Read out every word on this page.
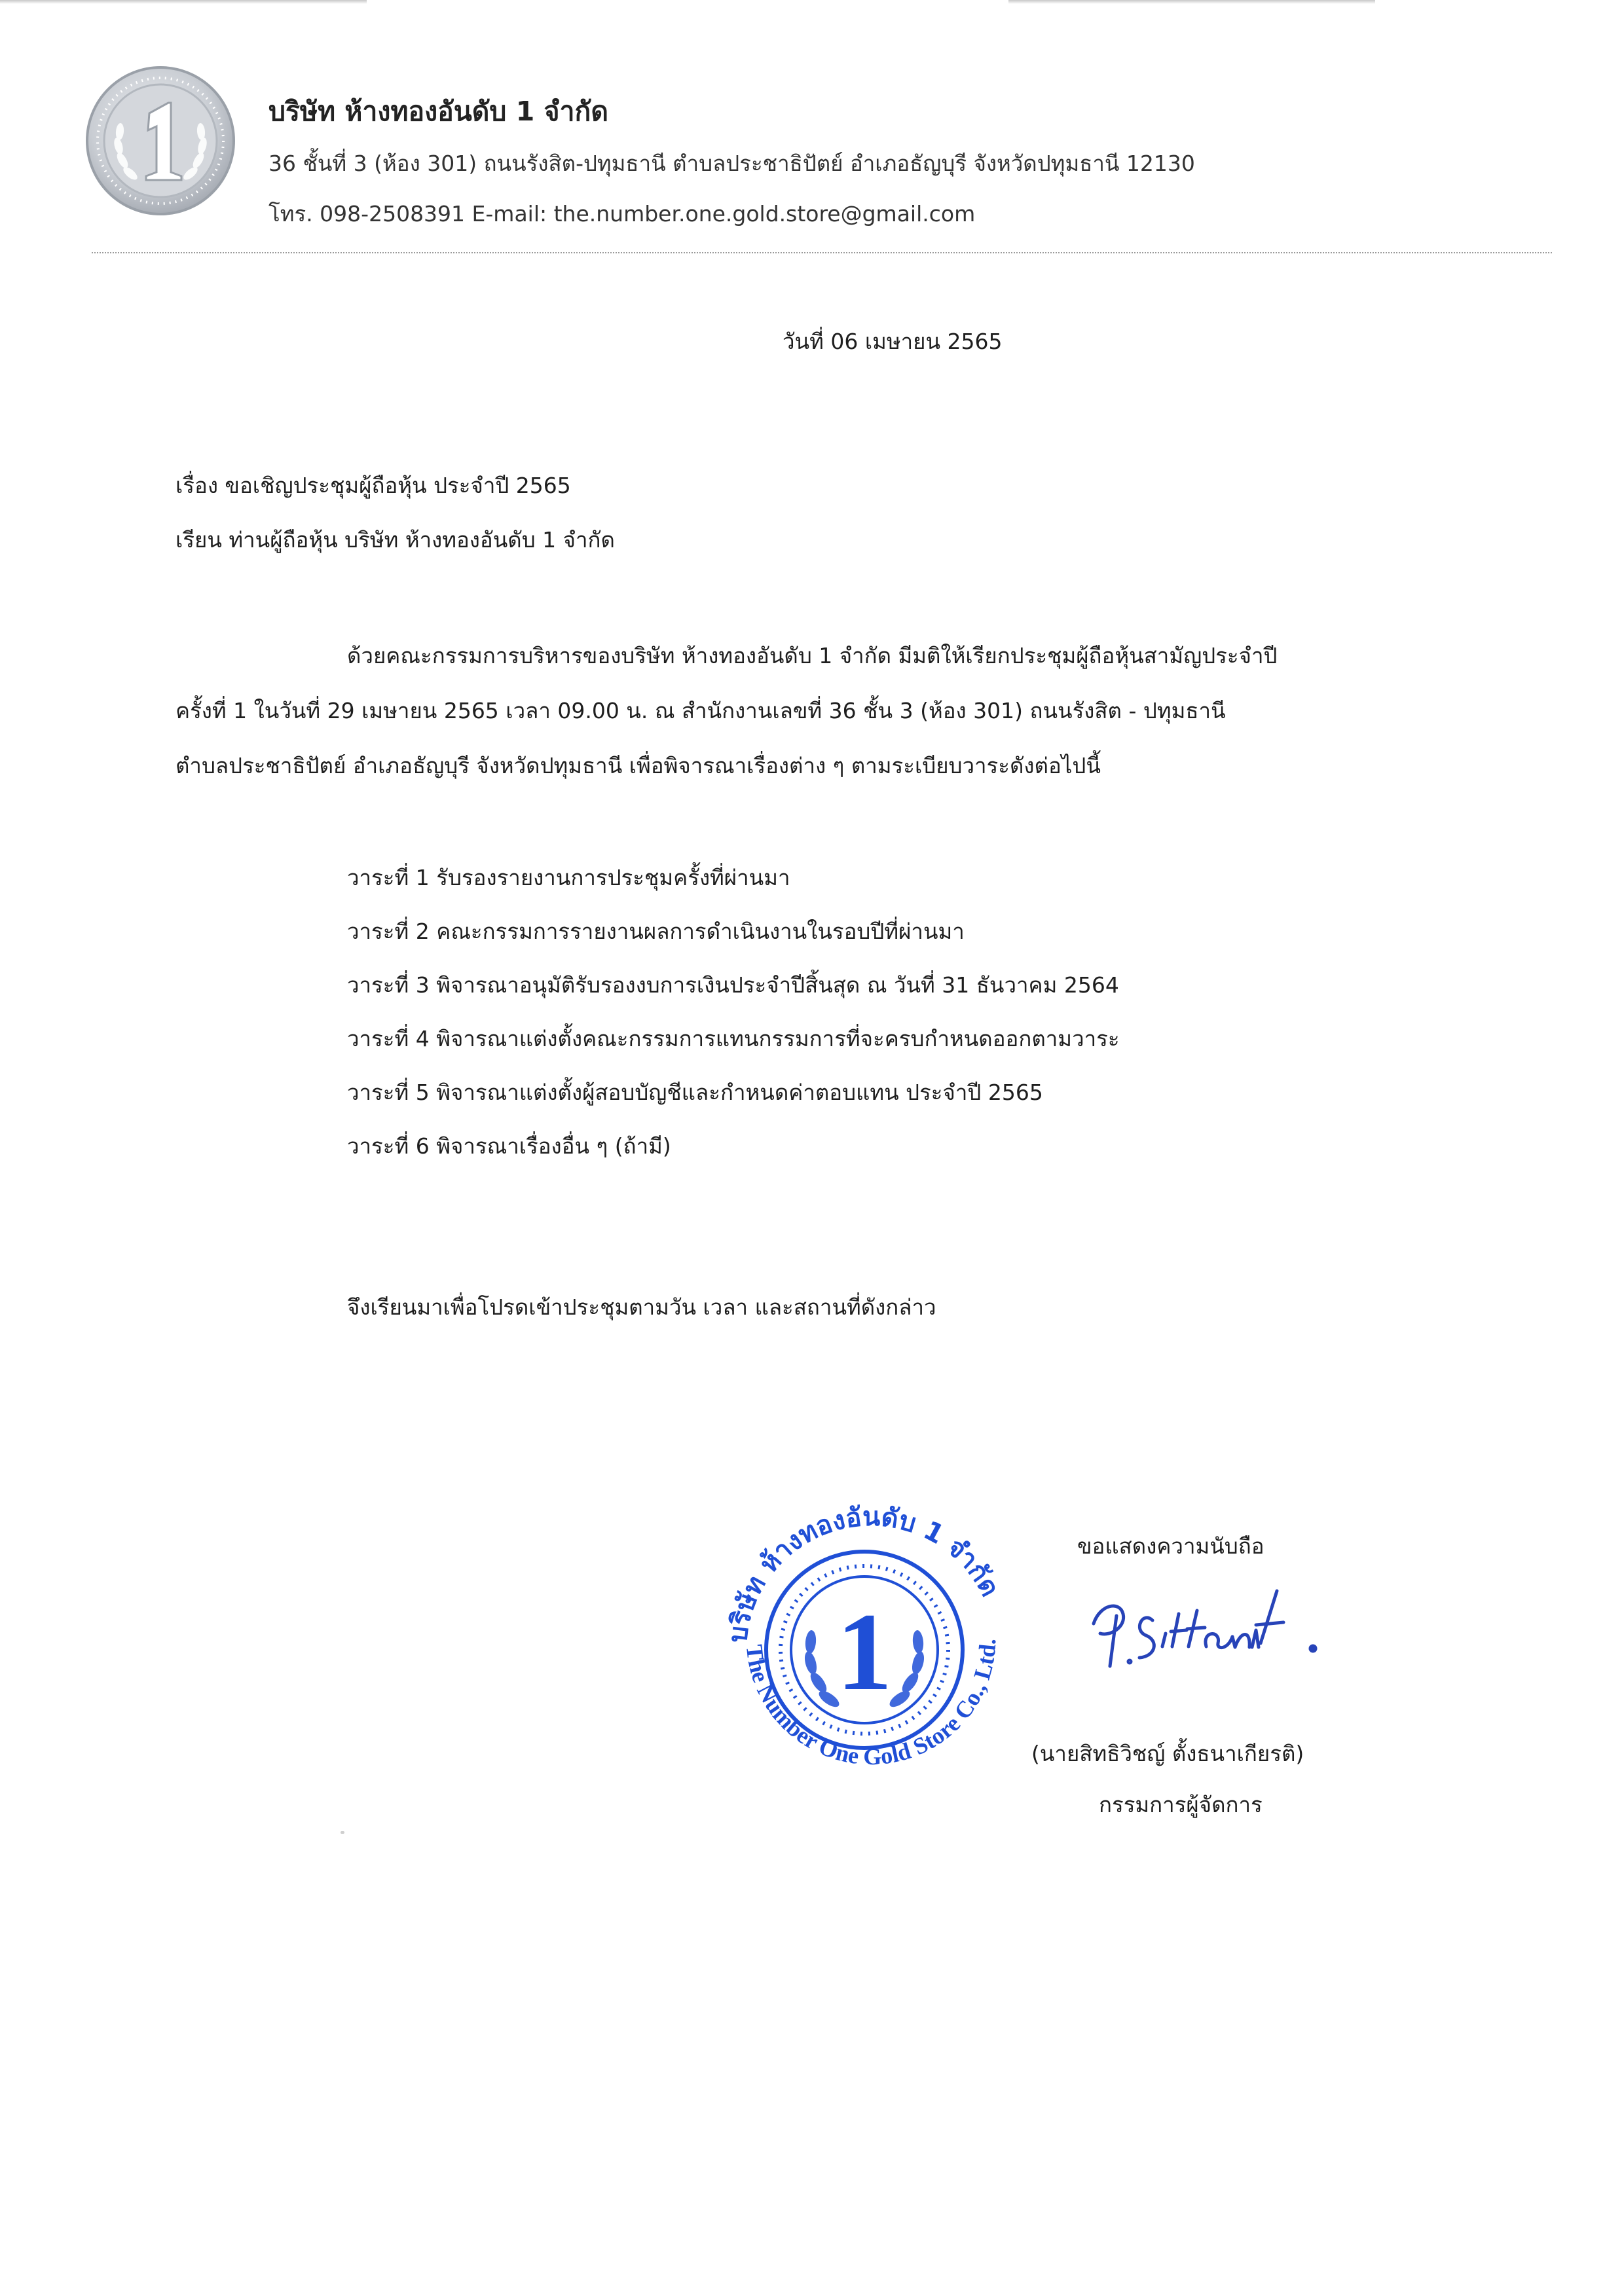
บริษัท ห้างทองอันดับ 1 จำกัด
36 ชั้นที่ 3 (ห้อง 301) ถนนรังสิต-ปทุมธานี ตำบลประชาธิปัตย์ อำเภอธัญบุรี จังหวัดปทุมธานี 12130
โทร. 098-2508391 E-mail: the.number.one.gold.store@gmail.com
วันที่ 06 เมษายน 2565
เรื่อง ขอเชิญประชุมผู้ถือหุ้น ประจำปี 2565
เรียน ท่านผู้ถือหุ้น บริษัท ห้างทองอันดับ 1 จำกัด
ด้วยคณะกรรมการบริหารของบริษัท ห้างทองอันดับ 1 จำกัด มีมติให้เรียกประชุมผู้ถือหุ้นสามัญประจำปี
ครั้งที่ 1 ในวันที่ 29 เมษายน 2565 เวลา 09.00 น. ณ สำนักงานเลขที่ 36 ชั้น 3 (ห้อง 301) ถนนรังสิต - ปทุมธานี
ตำบลประชาธิปัตย์ อำเภอธัญบุรี จังหวัดปทุมธานี เพื่อพิจารณาเรื่องต่าง ๆ ตามระเบียบวาระดังต่อไปนี้
วาระที่ 1 รับรองรายงานการประชุมครั้งที่ผ่านมา
วาระที่ 2 คณะกรรมการรายงานผลการดำเนินงานในรอบปีที่ผ่านมา
วาระที่ 3 พิจารณาอนุมัติรับรองงบการเงินประจำปีสิ้นสุด ณ วันที่ 31 ธันวาคม 2564
วาระที่ 4 พิจารณาแต่งตั้งคณะกรรมการแทนกรรมการที่จะครบกำหนดออกตามวาระ
วาระที่ 5 พิจารณาแต่งตั้งผู้สอบบัญชีและกำหนดค่าตอบแทน ประจำปี 2565
วาระที่ 6 พิจารณาเรื่องอื่น ๆ (ถ้ามี)
จึงเรียนมาเพื่อโปรดเข้าประชุมตามวัน เวลา และสถานที่ดังกล่าว
1
บริษัท ห้างทองอันดับ 1 จำกัด
The Number One Gold Store Co., Ltd.
ขอแสดงความนับถือ
(นายสิทธิวิชญ์ ตั้งธนาเกียรติ)
กรรมการผู้จัดการ
